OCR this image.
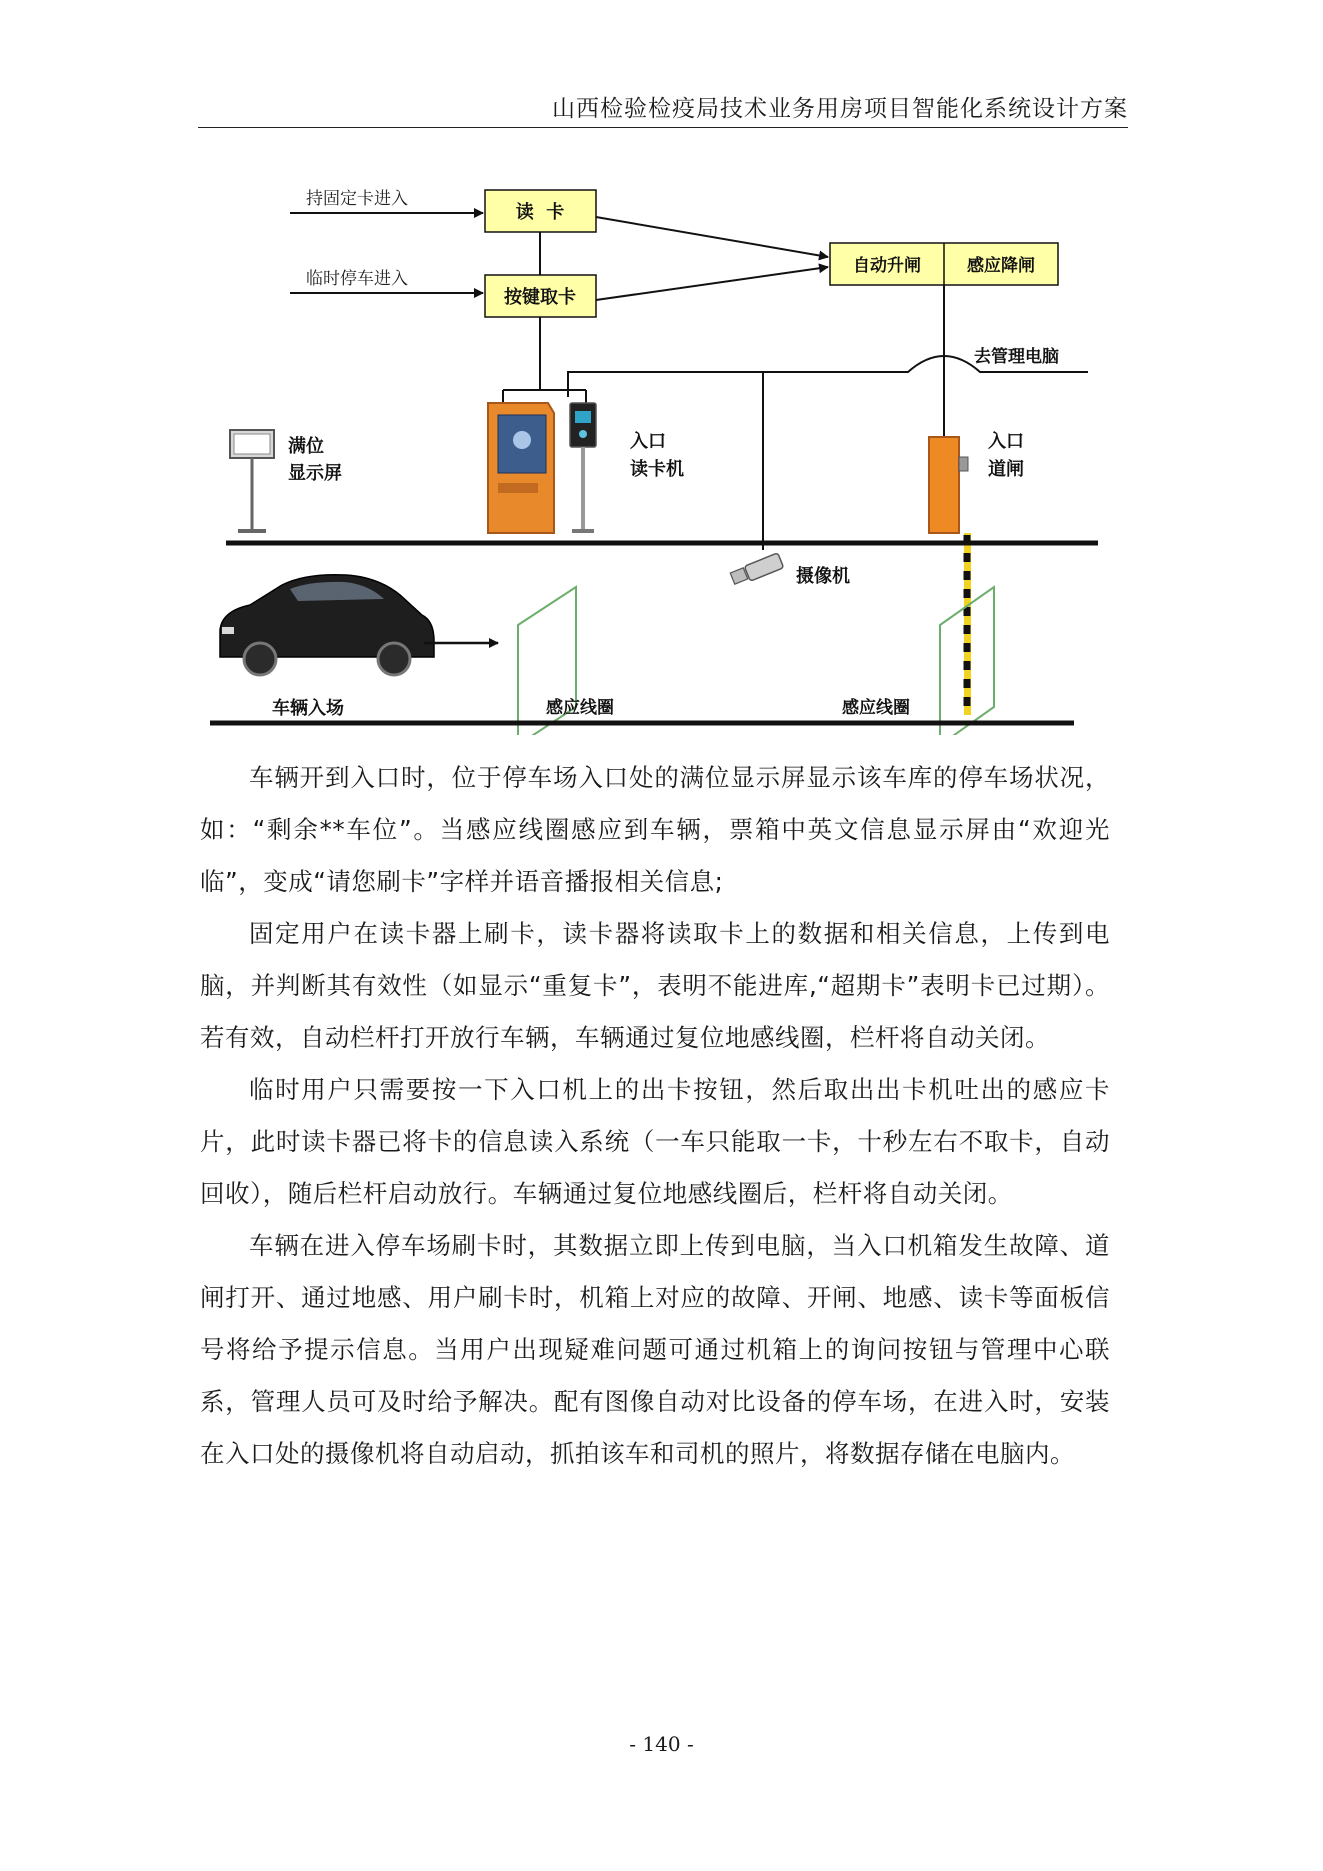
山西检验检疫局技术业务用房项目智能化系统设计方案
持固定卡进入
临时停车进入
读  卡
按键取卡
自动升闸	感应降闸
去管理电脑
满位
显示屏
入口
读卡机
入口
道闸
摄像机
车辆入场	感应线圈	感应线圈

车辆开到入口时，位于停车场入口处的满位显示屏显示该车库的停车场状况，如：“剩余**车位”。当感应线圈感应到车辆，票箱中英文信息显示屏由“欢迎光临”，变成“请您刷卡”字样并语音播报相关信息;

固定用户在读卡器上刷卡，读卡器将读取卡上的数据和相关信息，上传到电脑，并判断其有效性（如显示“重复卡”，表明不能进库,“超期卡”表明卡已过期）。若有效，自动栏杆打开放行车辆，车辆通过复位地感线圈，栏杆将自动关闭。

临时用户只需要按一下入口机上的出卡按钮，然后取出出卡机吐出的感应卡片，此时读卡器已将卡的信息读入系统（一车只能取一卡，十秒左右不取卡，自动回收），随后栏杆启动放行。车辆通过复位地感线圈后，栏杆将自动关闭。

车辆在进入停车场刷卡时，其数据立即上传到电脑，当入口机箱发生故障、道闸打开、通过地感、用户刷卡时，机箱上对应的故障、开闸、地感、读卡等面板信号将给予提示信息。当用户出现疑难问题可通过机箱上的询问按钮与管理中心联系，管理人员可及时给予解决。配有图像自动对比设备的停车场，在进入时，安装在入口处的摄像机将自动启动，抓拍该车和司机的照片，将数据存储在电脑内。

- 140 -
